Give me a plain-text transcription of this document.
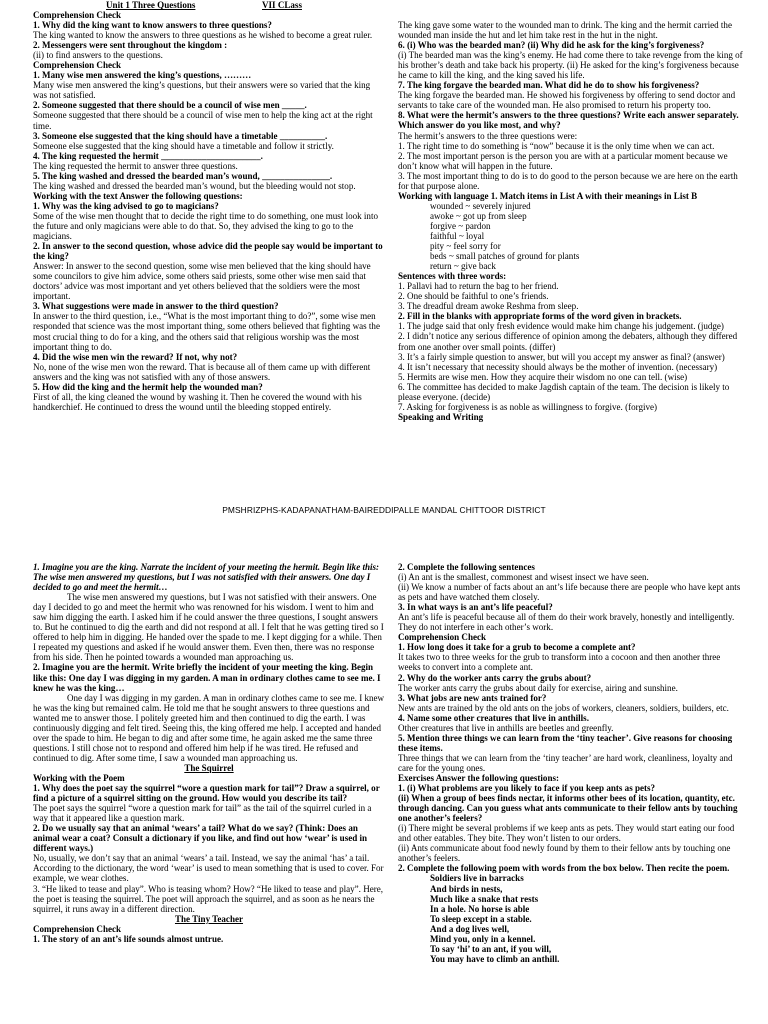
Unit 1 Three Questions	VII CLass

Comprehension Check

1. Why did the king want to know answers to three questions?

The king wanted to know the answers to three questions as he wished to become a great ruler.

2. Messengers were sent throughout the kingdom :

(ii) to find answers to the questions.

Comprehension Check

1. Many wise men answered the king’s questions, ………

Many wise men answered the king’s questions, but their answers were so varied that the king was not satisfied.

2. Someone suggested that there should be a council of wise men _____.

Someone suggested that there should be a council of wise men to help the king act at the right time.

3. Someone else suggested that the king should have a timetable __________.

Someone else suggested that the king should have a timetable and follow it strictly.

4. The king requested the hermit ______________________.

The king requested the hermit to answer three questions.

5. The king washed and dressed the bearded man’s wound, _______________.

The king washed and dressed the bearded man’s wound, but the bleeding would not stop.

Working with the text Answer the following questions:

1. Why was the king advised to go to magicians?

Some of the wise men thought that to decide the right time to do something, one must look into the future and only magicians were able to do that. So, they advised the king to go to the magicians.

2. In answer to the second question, whose advice did the people say would be important to the king?

Answer: In answer to the second question, some wise men believed that the king should have some councilors to give him advice, some others said priests, some other wise men said that doctors’ advice was most important and yet others believed that the soldiers were the most important.

3. What suggestions were made in answer to the third question?

In answer to the third question, i.e., “What is the most important thing to do?”, some wise men responded that science was the most important thing, some others believed that fighting was the most crucial thing to do for a king, and the others said that religious worship was the most important thing to do.

4. Did the wise men win the reward? If not, why not?

No, none of the wise men won the reward. That is because all of them came up with different answers and the king was not satisfied with any of those answers.

5. How did the king and the hermit help the wounded man?

First of all, the king cleaned the wound by washing it. Then he covered the wound with his handkerchief. He continued to dress the wound until the bleeding stopped entirely.

The king gave some water to the wounded man to drink. The king and the hermit carried the wounded man inside the hut and let him take rest in the hut in the night.

6. (i) Who was the bearded man? (ii) Why did he ask for the king’s forgiveness?

(i) The bearded man was the king’s enemy. He had come there to take revenge from the king of his brother’s death and take back his property. (ii) He asked for the king’s forgiveness because he came to kill the king, and the king saved his life.

7. The king forgave the bearded man. What did he do to show his forgiveness?

The king forgave the bearded man. He showed his forgiveness by offering to send doctor and servants to take care of the wounded man. He also promised to return his property too.

8. What were the hermit’s answers to the three questions? Write each answer separately. Which answer do you like most, and why?

The hermit’s answers to the three questions were:

1. The right time to do something is “now” because it is the only time when we can act.

2. The most important person is the person you are with at a particular moment because we don’t know what will happen in the future.

3. The most important thing to do is to do good to the person because we are here on the earth for that purpose alone.

Working with language 1. Match items in List A with their meanings in List B

wounded ~ severely injured

awoke ~ got up from sleep

forgive ~ pardon

faithful ~ loyal

pity ~ feel sorry for

beds ~ small patches of ground for plants

return ~ give back

Sentences with three words:

1. Pallavi had to return the bag to her friend.

2. One should be faithful to one’s friends.

3. The dreadful dream awoke Reshma from sleep.

2. Fill in the blanks with appropriate forms of the word given in brackets.

1. The judge said that only fresh evidence would make him change his judgement. (judge)

2. I didn’t notice any serious difference of opinion among the debaters, although they differed from one another over small points. (differ)

3. It’s a fairly simple question to answer, but will you accept my answer as final? (answer)

4. It isn’t necessary that necessity should always be the mother of invention. (necessary)

5. Hermits are wise men. How they acquire their wisdom no one can tell. (wise)

6. The committee has decided to make Jagdish captain of the team. The decision is likely to please everyone. (decide)

7. Asking for forgiveness is as noble as willingness to forgive. (forgive)

Speaking and Writing

PMSHRIZPHS-KADAPANATHAM-BAIREDDIPALLE MANDAL CHITTOOR DISTRICT

1. Imagine you are the king. Narrate the incident of your meeting the hermit. Begin like this: The wise men answered my questions, but I was not satisfied with their answers. One day I decided to go and meet the hermit…

The wise men answered my questions, but I was not satisfied with their answers. One day I decided to go and meet the hermit who was renowned for his wisdom. I went to him and saw him digging the earth. I asked him if he could answer the three questions, I sought answers to. But he continued to dig the earth and did not respond at all. I felt that he was getting tired so I offered to help him in digging. He handed over the spade to me. I kept digging for a while. Then I repeated my questions and asked if he would answer them. Even then, there was no response from his side. Then he pointed towards a wounded man approaching us.

2. Imagine you are the hermit. Write briefly the incident of your meeting the king. Begin like this: One day I was digging in my garden. A man in ordinary clothes came to see me. I knew he was the king…

One day I was digging in my garden. A man in ordinary clothes came to see me. I knew he was the king but remained calm. He told me that he sought answers to three questions and wanted me to answer those. I politely greeted him and then continued to dig the earth. I was continuously digging and felt tired. Seeing this, the king offered me help. I accepted and handed over the spade to him. He began to dig and after some time, he again asked me the same three questions. I still chose not to respond and offered him help if he was tired. He refused and continued to dig. After some time, I saw a wounded man approaching us.

The Squirrel

Working with the Poem

1. Why does the poet say the squirrel “wore a question mark for tail”? Draw a squirrel, or find a picture of a squirrel sitting on the ground. How would you describe its tail?

The poet says the squirrel “wore a question mark for tail” as the tail of the squirrel curled in a way that it appeared like a question mark.

2. Do we usually say that an animal ‘wears’ a tail? What do we say? (Think: Does an animal wear a coat? Consult a dictionary if you like, and find out how ‘wear’ is used in different ways.)

No, usually, we don’t say that an animal ‘wears’ a tail. Instead, we say the animal ‘has’ a tail. According to the dictionary, the word ‘wear’ is used to mean something that is used to cover. For example, we wear clothes.

3. “He liked to tease and play”. Who is teasing whom? How? “He liked to tease and play”. Here, the poet is teasing the squirrel. The poet will approach the squirrel, and as soon as he nears the squirrel, it runs away in a different direction.

The Tiny Teacher

Comprehension Check

1. The story of an ant’s life sounds almost untrue.

2. Complete the following sentences

(i) An ant is the smallest, commonest and wisest insect we have seen.

(ii) We know a number of facts about an ant’s life because there are people who have kept ants as pets and have watched them closely.

3. In what ways is an ant’s life peaceful?

An ant’s life is peaceful because all of them do their work bravely, honestly and intelligently. They do not interfere in each other’s work.

Comprehension Check

1. How long does it take for a grub to become a complete ant?

It takes two to three weeks for the grub to transform into a cocoon and then another three weeks to convert into a complete ant.

2. Why do the worker ants carry the grubs about?

The worker ants carry the grubs about daily for exercise, airing and sunshine.

3. What jobs are new ants trained for?

New ants are trained by the old ants on the jobs of workers, cleaners, soldiers, builders, etc.

4. Name some other creatures that live in anthills.

Other creatures that live in anthills are beetles and greenfly.

5. Mention three things we can learn from the ‘tiny teacher’. Give reasons for choosing these items.

Three things that we can learn from the ‘tiny teacher’ are hard work, cleanliness, loyalty and care for the young ones.

Exercises Answer the following questions:

1. (i) What problems are you likely to face if you keep ants as pets?

(ii) When a group of bees finds nectar, it informs other bees of its location, quantity, etc. through dancing. Can you guess what ants communicate to their fellow ants by touching one another’s feelers?

(i) There might be several problems if we keep ants as pets. They would start eating our food and other eatables. They bite. They won’t listen to our orders.

(ii) Ants communicate about food newly found by them to their fellow ants by touching one another’s feelers.

2. Complete the following poem with words from the box below. Then recite the poem.

Soldiers live in barracks

And birds in nests,

Much like a snake that rests

In a hole. No horse is able

To sleep except in a stable.

And a dog lives well,

Mind you, only in a kennel.

To say ‘hi’ to an ant, if you will,

You may have to climb an anthill.
